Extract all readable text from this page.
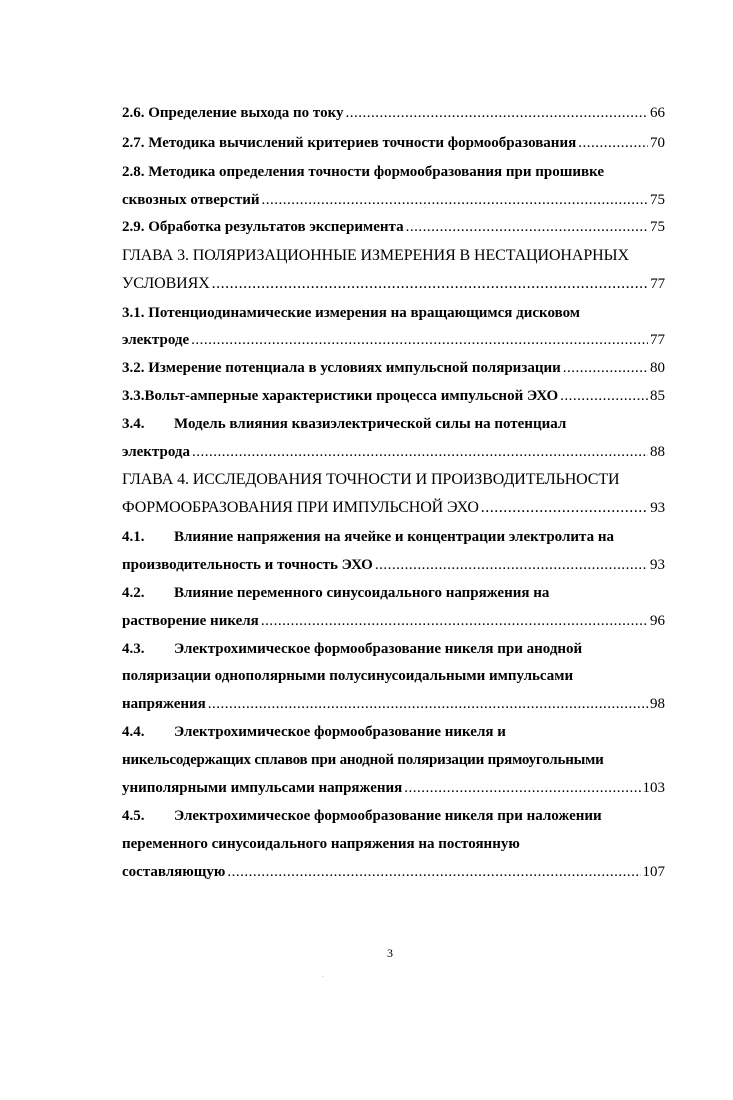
2.6. Определение выхода по току .....	66
2.7. Методика вычислений критериев точности формообразования .....	70
2.8. Методика определения точности формообразования при прошивке
сквозных отверстий .....	75
2.9. Обработка результатов эксперимента .....	75
ГЛАВА 3. ПОЛЯРИЗАЦИОННЫЕ ИЗМЕРЕНИЯ В НЕСТАЦИОНАРНЫХ
УСЛОВИЯХ .....	77
3.1. Потенциодинамические измерения на вращающимся дисковом
электроде .....	77
3.2. Измерение потенциала в условиях импульсной поляризации .....	80
3.3. Вольт-амперные характеристики процесса импульсной ЭХО .....	85
3.4. Модель влияния квазиэлектрической силы на потенциал
электрода .....	88
ГЛАВА 4. ИССЛЕДОВАНИЯ ТОЧНОСТИ И ПРОИЗВОДИТЕЛЬНОСТИ
ФОРМООБРАЗОВАНИЯ ПРИ ИМПУЛЬСНОЙ ЭХО .....	93
4.1. Влияние напряжения на ячейке и концентрации электролита на
производительность и точность ЭХО .....	93
4.2. Влияние переменного синусоидального напряжения на
растворение никеля .....	96
4.3. Электрохимическое формообразование никеля при анодной
поляризации однополярными полусинусоидальными импульсами
напряжения .....	98
4.4. Электрохимическое формообразование никеля и
никельсодержащих сплавов при анодной поляризации прямоугольными
униполярными импульсами напряжения .....	103
4.5. Электрохимическое формообразование никеля при наложении
переменного синусоидального напряжения на постоянную
составляющую .....	107
3
˙	˙
˙
